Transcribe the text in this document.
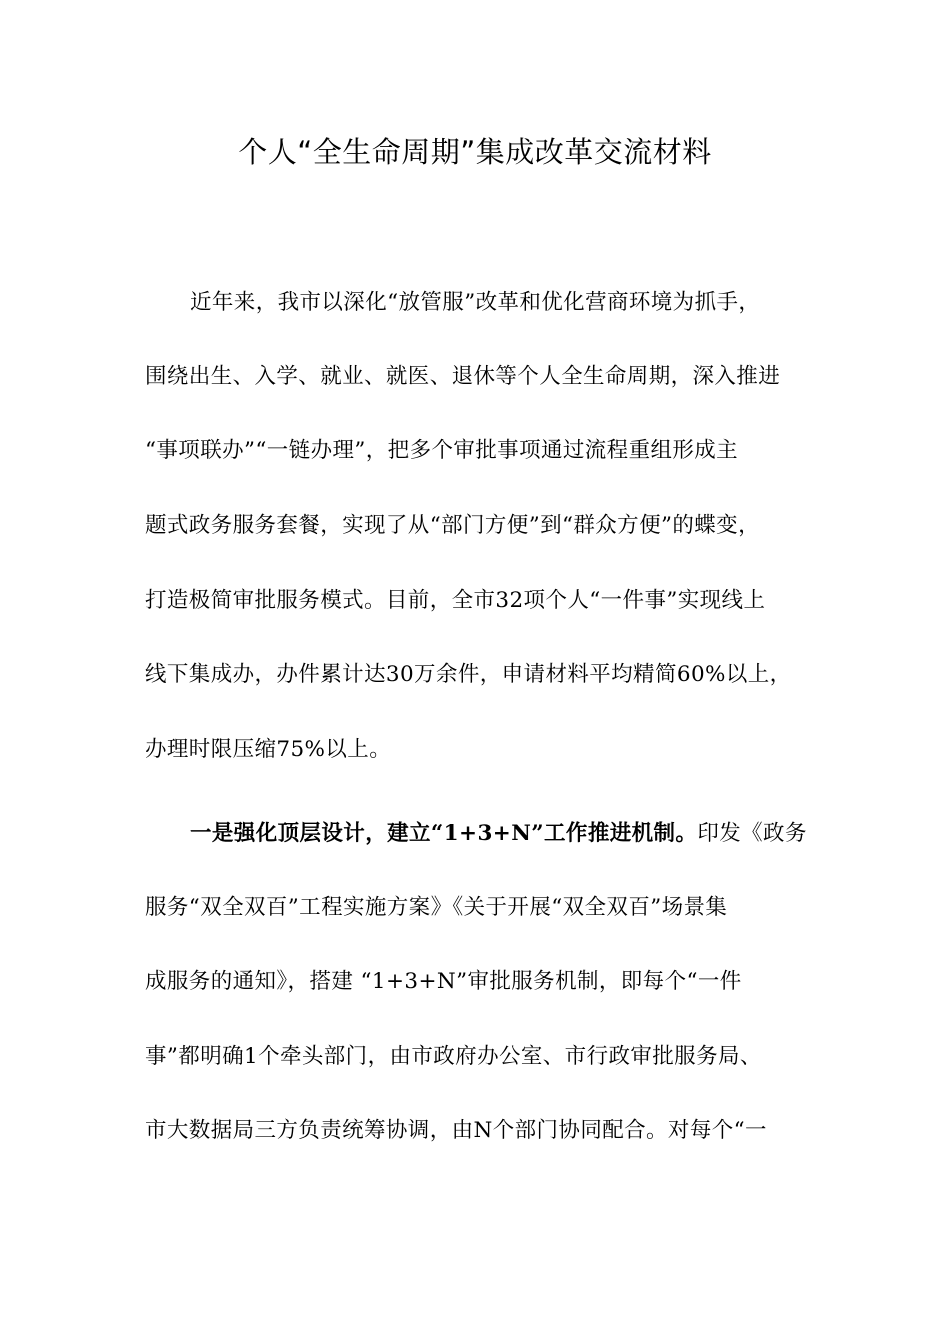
个人“全生命周期”集成改革交流材料
近年来，我市以深化“放管服”改革和优化营商环境为抓手，
围绕出生、入学、就业、就医、退休等个人全生命周期，深入推进
“事项联办”“一链办理”，把多个审批事项通过流程重组形成主
题式政务服务套餐，实现了从“部门方便”到“群众方便”的蝶变，
打造极简审批服务模式。目前，全市32项个人“一件事”实现线上
线下集成办，办件累计达30万余件，申请材料平均精简60%以上，
办理时限压缩75%以上。
一是强化顶层设计，建立“1+3+N”工作推进机制。印发《政务
服务“双全双百”工程实施方案》《关于开展“双全双百”场景集
成服务的通知》，搭建 “1+3+N”审批服务机制，即每个“一件
事”都明确1个牵头部门，由市政府办公室、市行政审批服务局、
市大数据局三方负责统筹协调，由N个部门协同配合。对每个“一
